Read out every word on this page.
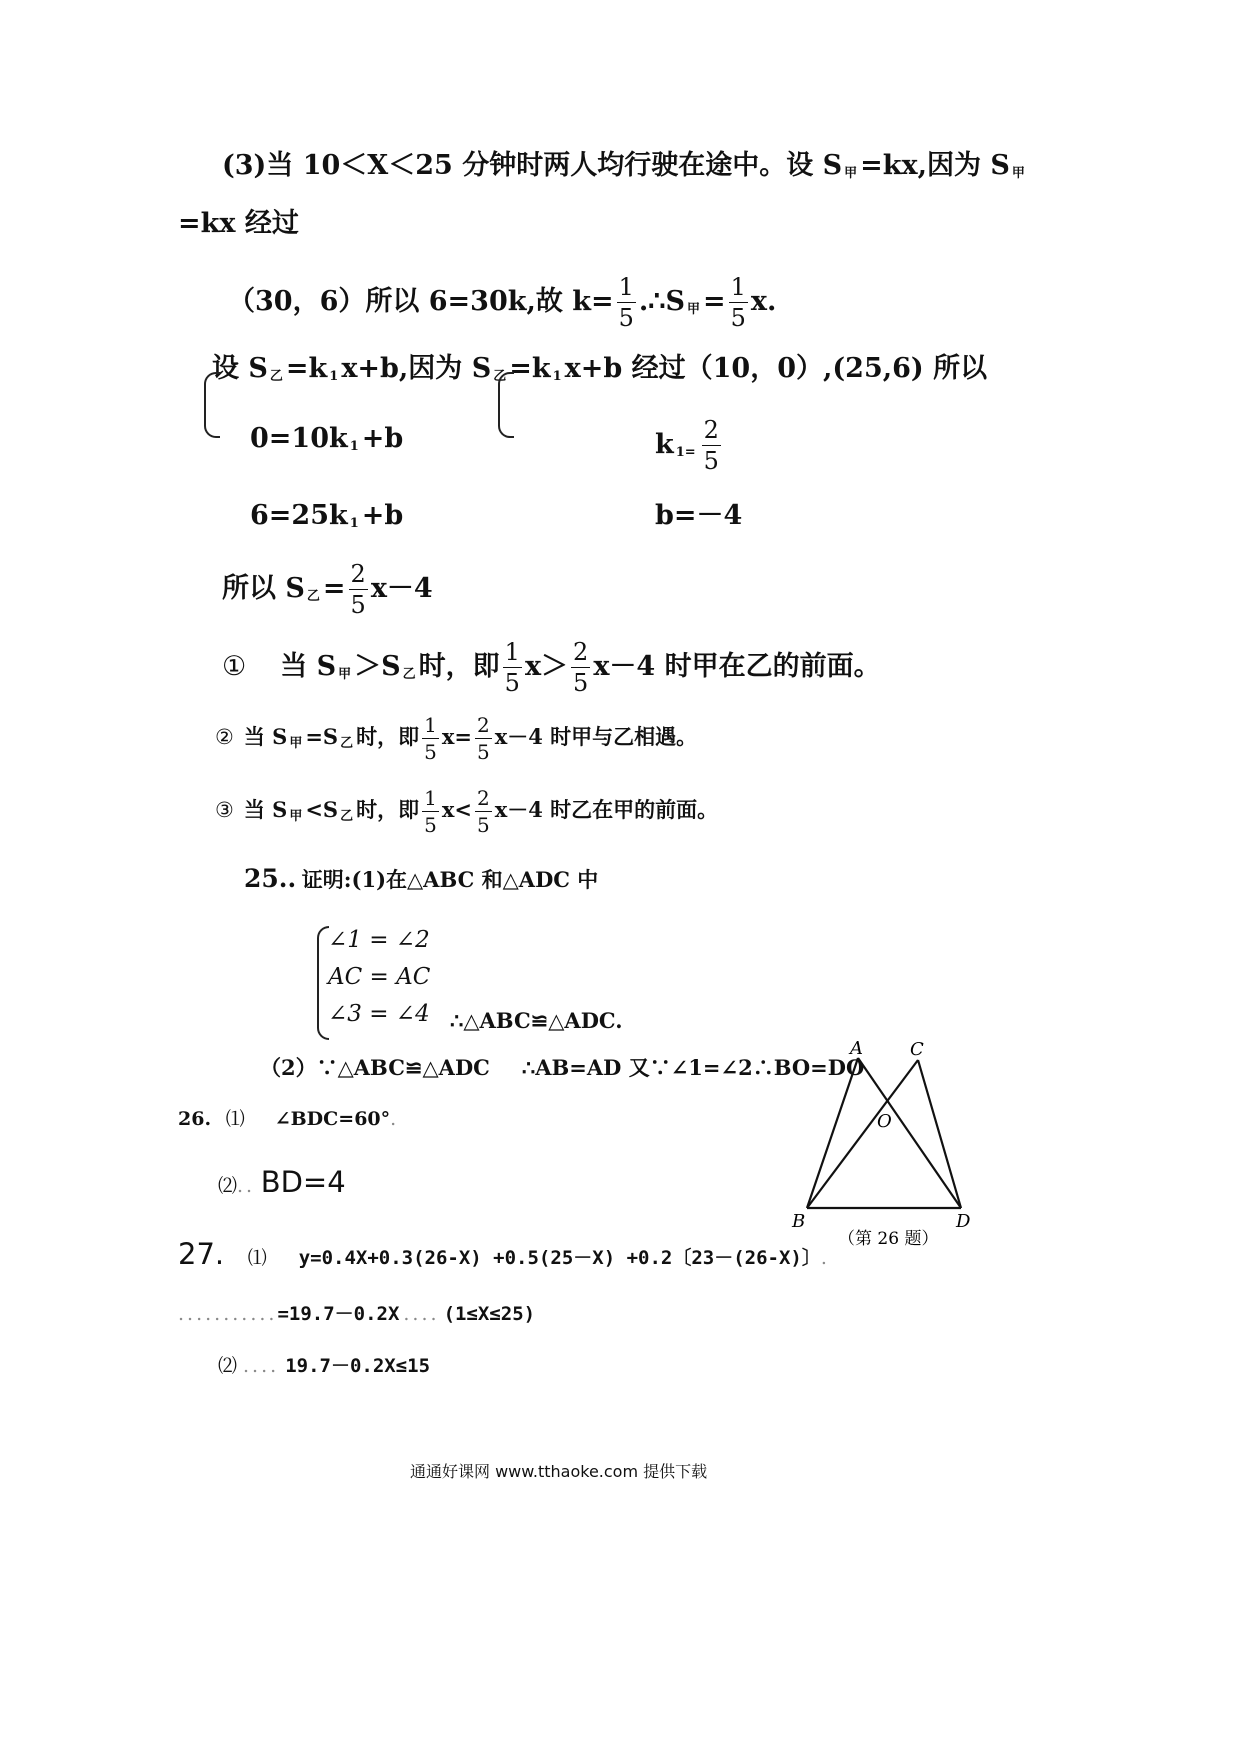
(3)当 10＜X＜25 分钟时两人均行驶在途中。设 S $_甲$ =kx,因为 S $_甲$
=kx 经过
（30，6）所以 6=30k,故 $k= \frac{1}{5}$ .∴S $_甲 = \frac{1}{5} x$.
设 S $_乙$ =k $_1$ x+b,因为 S $_乙$ =k $_1$ x+b 经过（10，0）,(25,6) 所以
0=10k $_1$ +b	k $_{1=} \frac{2}{5}$
6=25k $_1$ +b	b=－4
所以 S $_乙 = \frac{2}{5} x-4$
① 当 S $_甲$ ＞S $_乙$ 时，即 $\frac{1}{5} x> \frac{2}{5} x-4$ 时甲在乙的前面。
② 当 S $_甲$ =S $_乙$ 时，即 $\frac{1}{5} x= \frac{2}{5} x-4$ 时甲与乙相遇。
③ 当 S $_甲$ <S $_乙$ 时，即 $\frac{1}{5} x< \frac{2}{5} x-4$ 时乙在甲的前面。
25.. 证明:(1)在△ABC 和△ADC 中
∠1 = ∠2
AC = AC
∠3 = ∠4 ∴△ABC≌△ADC.
（2）∵△ABC≌△ADC ∴AB=AD 又∵∠1=∠2∴BO=DO
26. ⑴ ∠BDC=60°.
⑵.. BD=4
A	C
O
B	D
（第 26 题）
27. ⑴ y=0.4X+0.3(26-X) +0.5(25－X) +0.2〔23－(26-X)〕.
...........=19.7－0.2X .... (1≤X≤25)
⑵ .... 19.7－0.2X≤15
通通好课网 www.tthaoke.com 提供下载
